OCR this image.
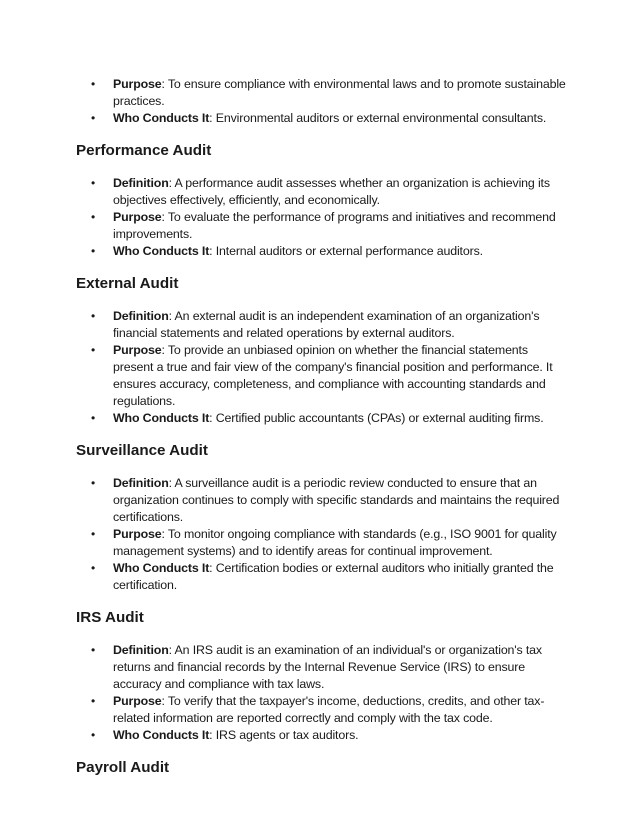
• Purpose: To ensure compliance with environmental laws and to promote sustainable practices.
• Who Conducts It: Environmental auditors or external environmental consultants.
Performance Audit
• Definition: A performance audit assesses whether an organization is achieving its objectives effectively, efficiently, and economically.
• Purpose: To evaluate the performance of programs and initiatives and recommend improvements.
• Who Conducts It: Internal auditors or external performance auditors.
External Audit
• Definition: An external audit is an independent examination of an organization's financial statements and related operations by external auditors.
• Purpose: To provide an unbiased opinion on whether the financial statements present a true and fair view of the company's financial position and performance. It ensures accuracy, completeness, and compliance with accounting standards and regulations.
• Who Conducts It: Certified public accountants (CPAs) or external auditing firms.
Surveillance Audit
• Definition: A surveillance audit is a periodic review conducted to ensure that an organization continues to comply with specific standards and maintains the required certifications.
• Purpose: To monitor ongoing compliance with standards (e.g., ISO 9001 for quality management systems) and to identify areas for continual improvement.
• Who Conducts It: Certification bodies or external auditors who initially granted the certification.
IRS Audit
• Definition: An IRS audit is an examination of an individual's or organization's tax returns and financial records by the Internal Revenue Service (IRS) to ensure accuracy and compliance with tax laws.
• Purpose: To verify that the taxpayer's income, deductions, credits, and other tax-related information are reported correctly and comply with the tax code.
• Who Conducts It: IRS agents or tax auditors.
Payroll Audit
